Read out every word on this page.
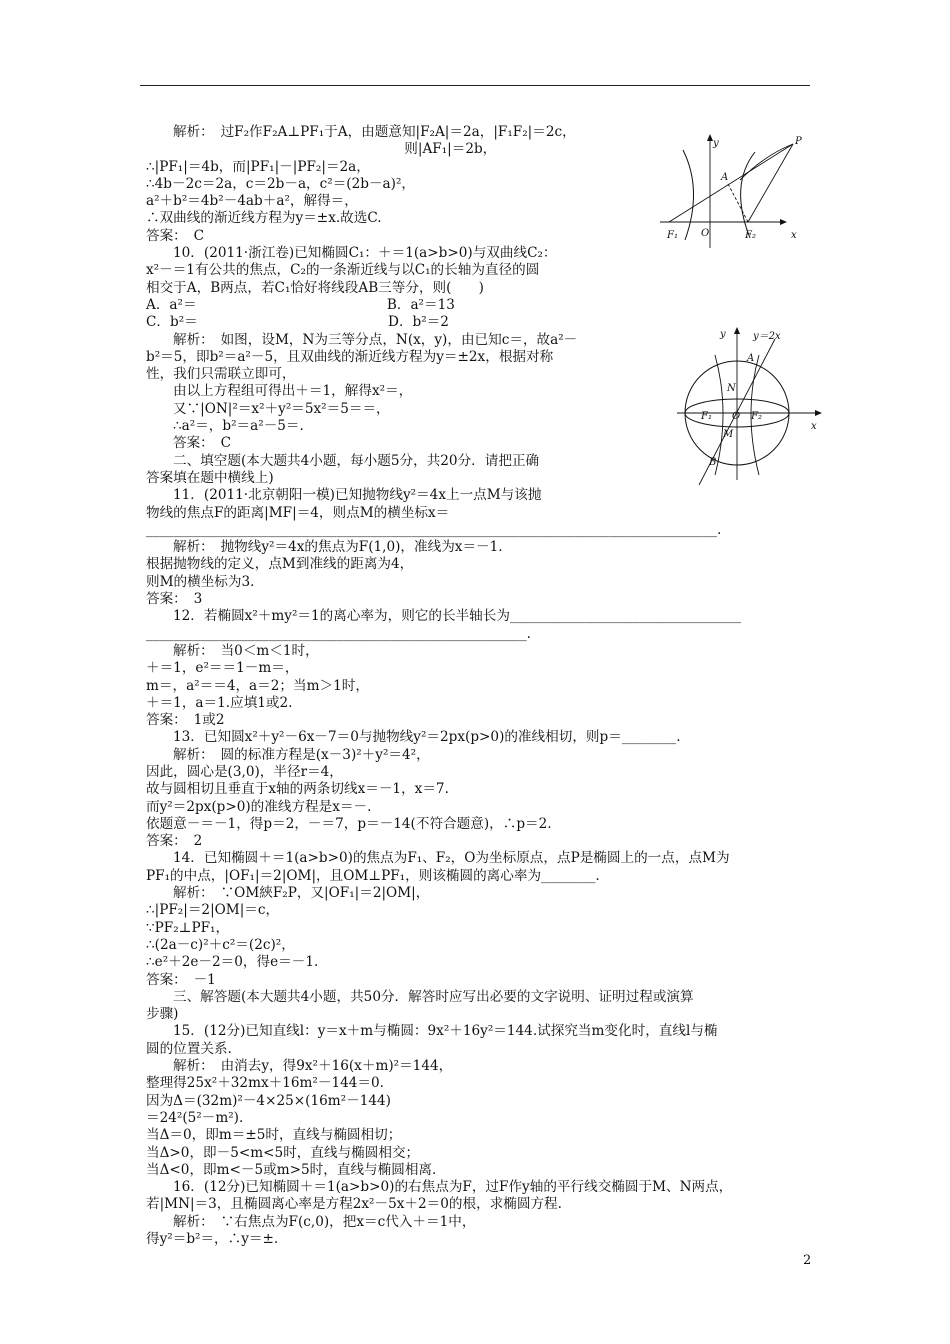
解析：　过F₂作F₂A⊥PF₁于A，由题意知|F₂A|＝2a，|F₁F₂|＝2c，
　　　　　　　　　　　　　　　　　　　则|AF₁|＝2b，
∴|PF₁|＝4b，而|PF₁|－|PF₂|＝2a，
∴4b－2c＝2a，c＝2b－a，c²＝(2b－a)²，
a²＋b²＝4b²－4ab＋a²，解得＝，
∴双曲线的渐近线方程为y＝±x.故选C.
答案：　C
10．(2011·浙江卷)已知椭圆C₁：＋＝1(a>b>0)与双曲线C₂：
x²－＝1有公共的焦点，C₂的一条渐近线与以C₁的长轴为直径的圆
相交于A，B两点，若C₁恰好将线段AB三等分，则(　　)
A．a²＝　　　　　　　　　　　　　　B．a²＝13
C．b²＝　　　　　　　　　　　　　　D．b²＝2
解析：　如图，设M，N为三等分点，N(x，y)，由已知c＝，故a²－
b²＝5，即b²＝a²－5，且双曲线的渐近线方程为y＝±2x，根据对称
性，我们只需联立即可，
由以上方程组可得出＋＝1，解得x²＝，
又∵|ON|²＝x²＋y²＝5x²＝5＝＝，
∴a²＝，b²＝a²－5＝.
答案：　C
二、填空题(本大题共4小题，每小题5分，共20分．请把正确
答案填在题中横线上)
11．(2011·北京朝阳一模)已知抛物线y²＝4x上一点M与该抛
物线的焦点F的距离|MF|＝4，则点M的横坐标x＝
____________________________________________________________________________________.
解析：　抛物线y²＝4x的焦点为F(1,0)，准线为x＝－1.
根据抛物线的定义，点M到准线的距离为4，
则M的横坐标为3.
答案：　3
12．若椭圆x²＋my²＝1的离心率为，则它的长半轴长为__________________________________
________________________________________________________.
解析：　当0＜m＜1时，
＋＝1，e²＝＝1－m＝，
m＝，a²＝＝4，a＝2；当m＞1时，
＋＝1，a＝1.应填1或2.
答案：　1或2
13．已知圆x²＋y²－6x－7＝0与抛物线y²＝2px(p>0)的准线相切，则p＝________.
解析：　圆的标准方程是(x－3)²＋y²＝4²，
因此，圆心是(3,0)，半径r＝4，
故与圆相切且垂直于x轴的两条切线x＝－1，x＝7.
而y²＝2px(p>0)的准线方程是x＝－.
依题意－＝－1，得p＝2，－＝7，p＝－14(不符合题意)，∴p＝2.
答案：　2
14．已知椭圆＋＝1(a>b>0)的焦点为F₁、F₂，O为坐标原点，点P是椭圆上的一点，点M为
PF₁的中点，|OF₁|＝2|OM|，且OM⊥PF₁，则该椭圆的离心率为________.
解析：　∵OM綊F₂P，又|OF₁|＝2|OM|，
∴|PF₂|＝2|OM|＝c，
∵PF₂⊥PF₁，
∴(2a－c)²＋c²＝(2c)²，
∴e²＋2e－2＝0，得e＝－1.
答案：　－1
三、解答题(本大题共4小题，共50分．解答时应写出必要的文字说明、证明过程或演算
步骤)
15．(12分)已知直线l：y＝x＋m与椭圆：9x²＋16y²＝144.试探究当m变化时，直线l与椭
圆的位置关系.
解析：　由消去y，得9x²＋16(x＋m)²＝144，
整理得25x²＋32mx＋16m²－144＝0.
因为Δ＝(32m)²－4×25×(16m²－144)
＝24²(5²－m²).
当Δ＝0，即m＝±5时，直线与椭圆相切；
当Δ>0，即－5<m<5时，直线与椭圆相交；
当Δ<0，即m<－5或m>5时，直线与椭圆相离.
16．(12分)已知椭圆＋＝1(a>b>0)的右焦点为F，过F作y轴的平行线交椭圆于M、N两点，
若|MN|＝3，且椭圆离心率是方程2x²－5x＋2＝0的根，求椭圆方程.
解析：　∵右焦点为F(c,0)，把x＝c代入＋＝1中，
得y²＝b²＝，∴y＝±.
y
x
P
A
F₁ O	F₂
y	y＝2x
A
N
F₁ O F₂
x
M
B
2
